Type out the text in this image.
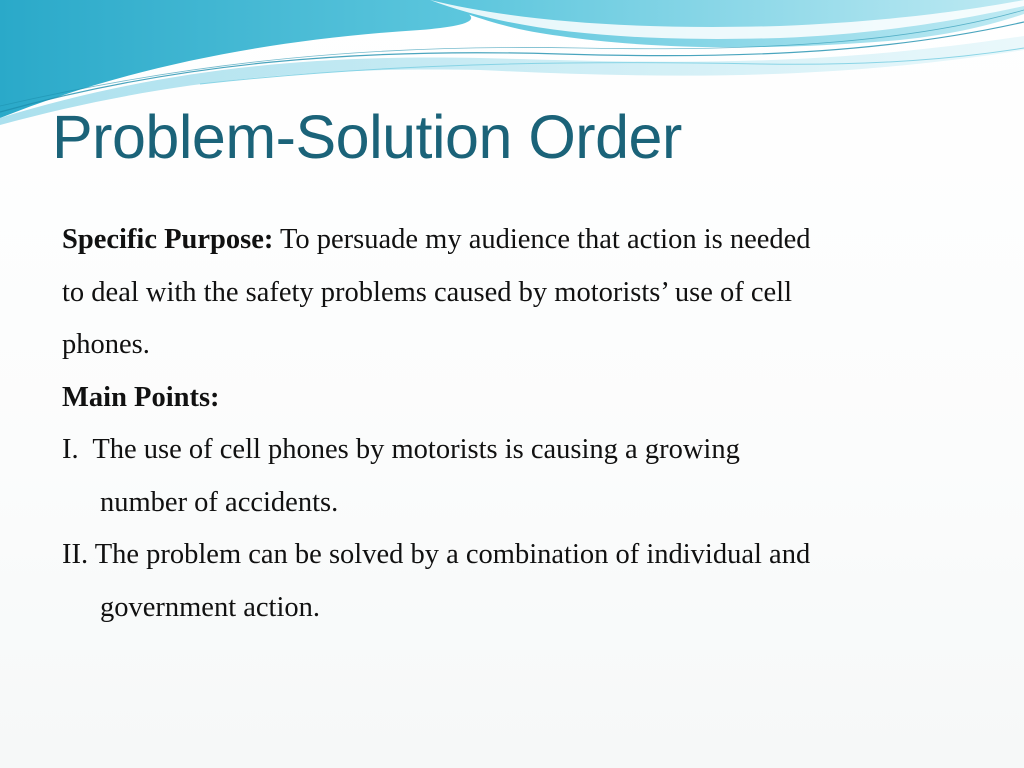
Problem-Solution Order

Specific Purpose: To persuade my audience that action is needed
to deal with the safety problems caused by motorists’ use of cell
phones.

Main Points:

I.  The use of cell phones by motorists is causing a growing
number of accidents.

II. The problem can be solved by a combination of individual and
government action.
